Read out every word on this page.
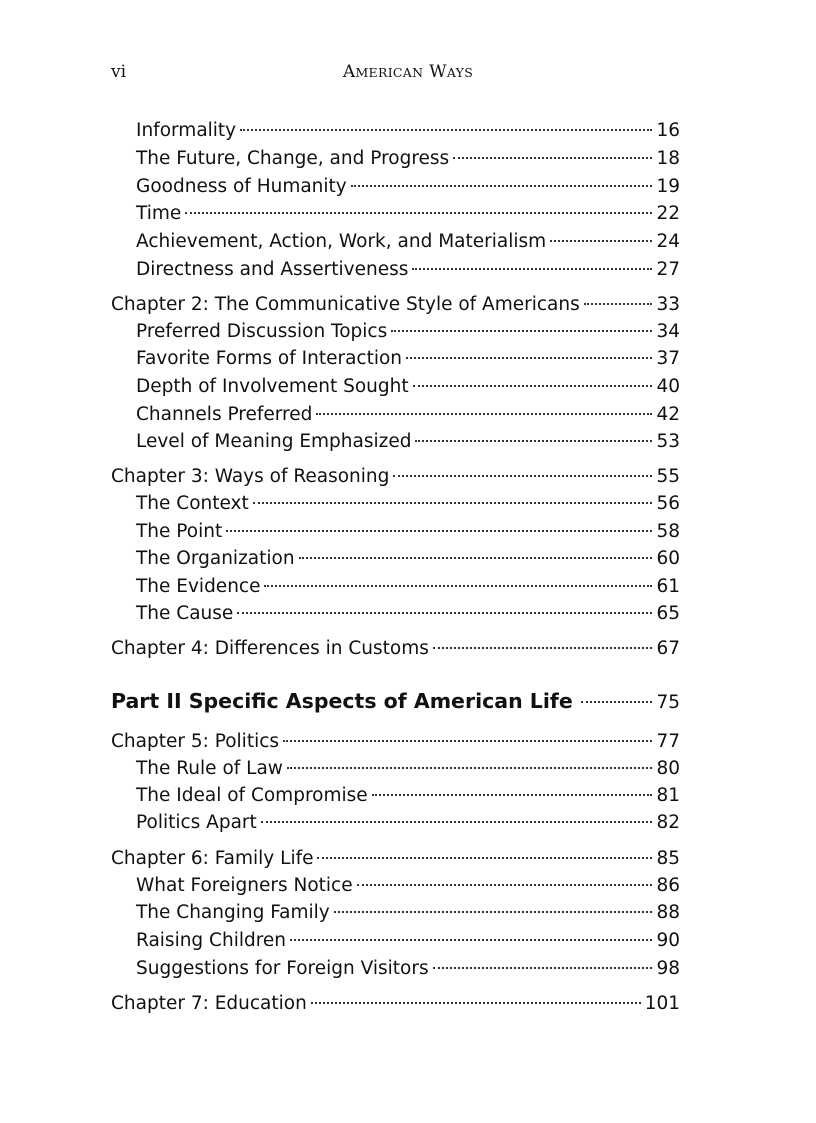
vi	AMERICAN WAYS
Informality	16
The Future, Change, and Progress	18
Goodness of Humanity	19
Time	22
Achievement, Action, Work, and Materialism	24
Directness and Assertiveness	27
Chapter 2: The Communicative Style of Americans	33
Preferred Discussion Topics	34
Favorite Forms of Interaction	37
Depth of Involvement Sought	40
Channels Preferred	42
Level of Meaning Emphasized	53
Chapter 3: Ways of Reasoning	55
The Context	56
The Point	58
The Organization	60
The Evidence	61
The Cause	65
Chapter 4: Differences in Customs	67
Part II Specific Aspects of American Life	75
Chapter 5: Politics	77
The Rule of Law	80
The Ideal of Compromise	81
Politics Apart	82
Chapter 6: Family Life	85
What Foreigners Notice	86
The Changing Family	88
Raising Children	90
Suggestions for Foreign Visitors	98
Chapter 7: Education	101
